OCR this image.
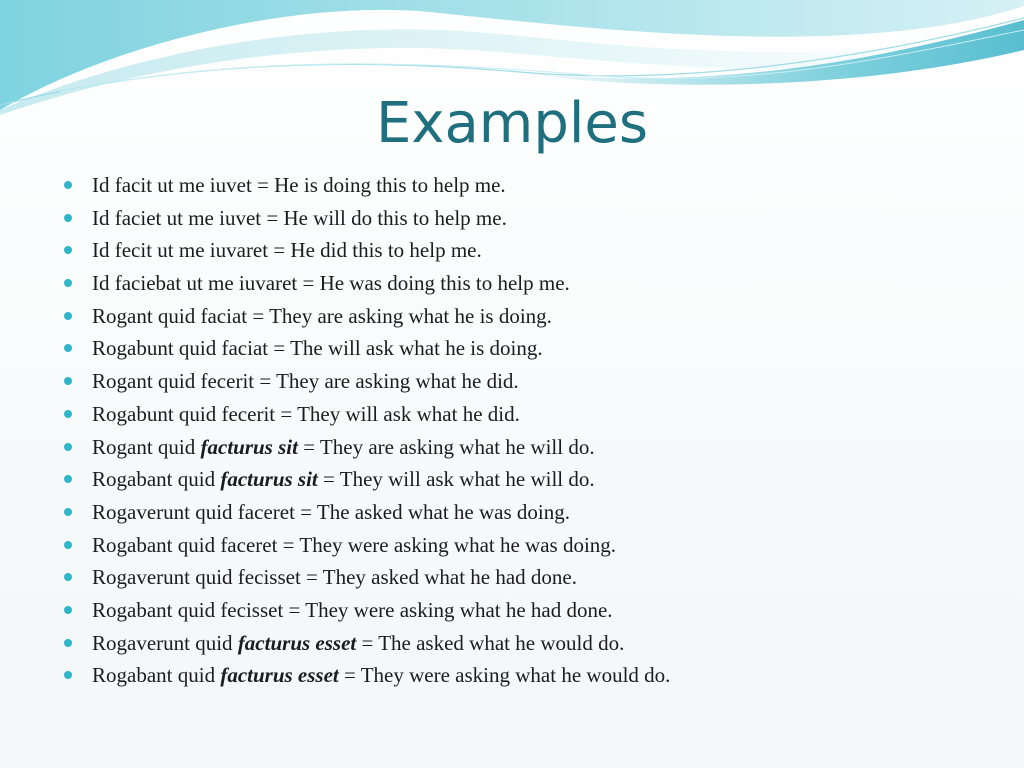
Examples
Id facit ut me iuvet = He is doing this to help me.
Id faciet ut me iuvet = He will do this to help me.
Id fecit ut me iuvaret = He did this to help me.
Id faciebat ut me iuvaret = He was doing this to help me.
Rogant quid faciat = They are asking what he is doing.
Rogabunt quid faciat = The will ask what he is doing.
Rogant quid fecerit = They are asking what he did.
Rogabunt quid fecerit = They will ask what he did.
Rogant quid facturus sit = They are asking what he will do.
Rogabant quid facturus sit = They will ask what he will do.
Rogaverunt quid faceret = The asked what he was doing.
Rogabant quid faceret = They were asking what he was doing.
Rogaverunt quid fecisset = They asked what he had done.
Rogabant quid fecisset = They were asking what he had done.
Rogaverunt quid facturus esset = The asked what he would do.
Rogabant quid facturus esset = They were asking what he would do.
